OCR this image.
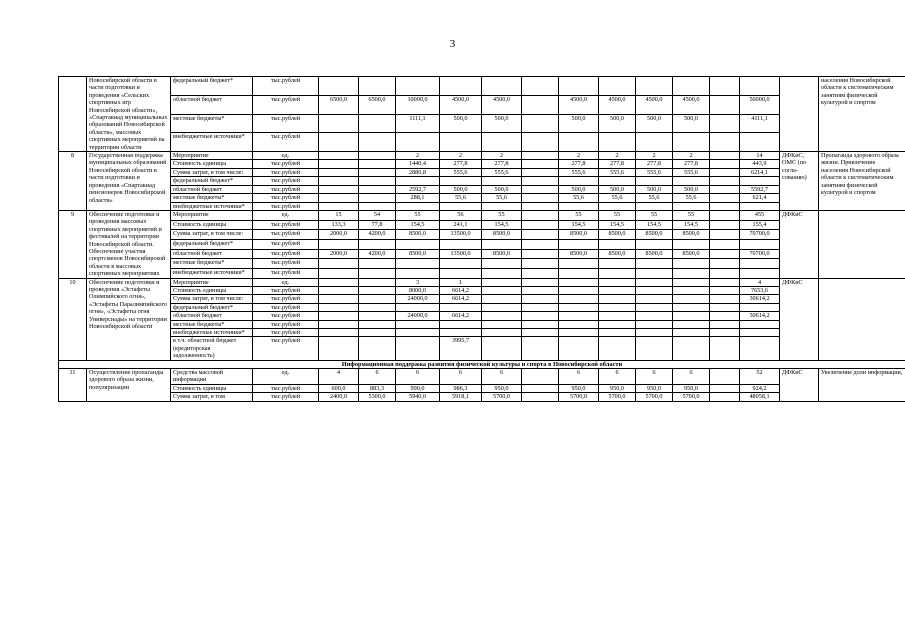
3
	Новосибирской области в части подготовки и проведения «Сельских спортивных игр Новосибирской области», «Спартакиад муниципальных образований Новосибирской области», массовых спортивных мероприятий на территории области	федеральный бюджет*	тыс.рублей														населения Новосибирской области к систематическим занятиям физической культурой и спортом
		областной бюджет	тыс.рублей	6500,0	6500,0	10000,0	4500,0	4500,0		4500,0	4500,0	4500,0	4500,0		50000,0		
		местные бюджеты*	тыс.рублей			1111,1	500,0	500,0		500,0	500,0	500,0	500,0		4111,1		
		внебюджетные источники*	тыс.рублей														
8	Государственная поддержка муниципальных образований Новосибирской области в части подготовки и проведения «Спартакиад пенсионеров Новосибирской области»	Мероприятие	ед.			2	2	2		2	2	2	2		14	ДФКиС, ОМС (по согла-сованию)	Пропаганда здорового образа жизни. Привлечение населения Новосибирской области к систематическим занятиям физической культурой и спортом
		Стоимость единицы	тыс.рублей			1440,4	277,8	277,8		277,8	277,8	277,8	277,8		443,9		
		Сумма затрат, в том числе:	тыс.рублей			2880,8	555,6	555,6		555,6	555,6	555,6	555,6		6214,1		
		федеральный бюджет*	тыс.рублей														
		областной бюджет	тыс.рублей			2592,7	500,0	500,0		500,0	500,0	500,0	500,0		5592,7		
		местные бюджеты*	тыс.рублей			288,1	55,6	55,6		55,6	55,6	55,6	55,6		621,4		
		внебюджетные источники*	тыс.рублей														
9	Обеспечение подготовки и проведения массовых спортивных мероприятий и фестивалей на территории Новосибирской области. Обеспечение участия спортсменов Новосибирской области в массовых спортивных мероприятиях	Мероприятие	ед.	15	54	55	56	55		55	55	55	55		455	ДФКиС	
		Стоимость единицы	тыс.рублей	133,3	77,8	154,5	241,1	154,5		154,5	154,5	154,5	154,5		155,4		
		Сумма затрат, в том числе:	тыс.рублей	2000,0	4200,0	8500,0	13500,0	8500,0		8500,0	8500,0	8500,0	8500,0		70700,0		
		федеральный бюджет*	тыс.рублей														
		областной бюджет	тыс.рублей	2000,0	4200,0	8500,0	13500,0	8500,0		8500,0	8500,0	8500,0	8500,0		70700,0		
		местные бюджеты*	тыс.рублей														
		внебюджетные источники*	тыс.рублей														
10	Обеспечение подготовки и проведения «Эстафеты Олимпийского огня», «Эстафеты Паралимпийского огня», «Эстафеты огня Универсиады» на территории Новосибирской области	Мероприятие	ед.			3	1								4	ДФКиС	
		Стоимость единицы	тыс.рублей			8000,0	6614,2								7653,6		
		Сумма затрат, в том числе:	тыс.рублей			24000,0	6614,2								30614,2		
		федеральный бюджет*	тыс.рублей														
		областной бюджет	тыс.рублей			24000,0	6614,2								30614,2		
		местные бюджеты*	тыс.рублей														
		внебюджетные источники*	тыс.рублей														
		в т.ч. областной бюджет (кредиторская задолженность)	тыс.рублей				3995,7										
Информационная поддержка развития физической культуры и спорта в Новосибирской области																	
11	Осуществление пропаганды здорового образа жизни, популяризации	Средства массовой информации	ед.	4	6	6	6	6		6	6	6	6		52	ДФКиС	Увеличение доли информации,
		Стоимость единицы	тыс.рублей	600,0	883,3	990,0	986,3	950,0		950,0	950,0	950,0	950,0		924,2		
		Сумма затрат, в том	тыс.рублей	2400,0	5300,0	5940,0	5918,1	5700,0		5700,0	5700,0	5700,0	5700,0		48058,1		
